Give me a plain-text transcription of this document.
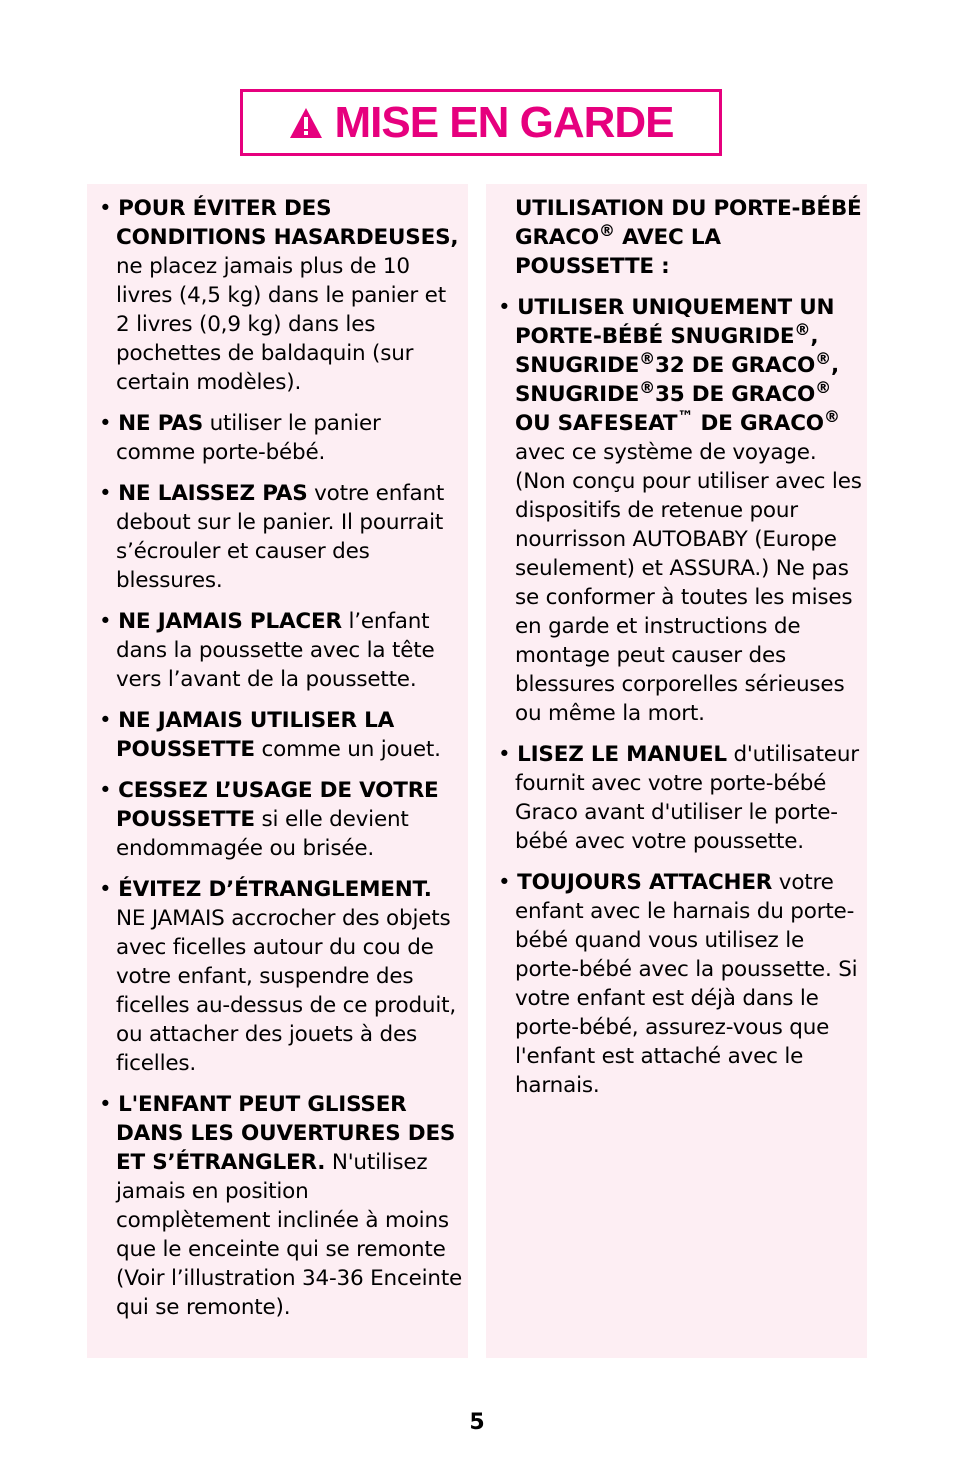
MISE EN GARDE
• POUR ÉVITER DES CONDITIONS HASARDEUSES, ne placez jamais plus de 10 livres (4,5 kg) dans le panier et 2 livres (0,9 kg) dans les pochettes de baldaquin (sur certain modèles).
• NE PAS utiliser le panier comme porte-bébé.
• NE LAISSEZ PAS votre enfant debout sur le panier. Il pourrait s’écrouler et causer des blessures.
• NE JAMAIS PLACER l’enfant dans la poussette avec la tête vers l’avant de la poussette.
• NE JAMAIS UTILISER LA POUSSETTE comme un jouet.
• CESSEZ L’USAGE DE VOTRE POUSSETTE si elle devient endommagée ou brisée.
• ÉVITEZ D’ÉTRANGLEMENT. NE JAMAIS accrocher des objets avec ficelles autour du cou de votre enfant, suspendre des ficelles au-dessus de ce produit, ou attacher des jouets à des ficelles.
• L'ENFANT PEUT GLISSER DANS LES OUVERTURES DES ET S’ÉTRANGLER. N'utilisez jamais en position complètement inclinée à moins que le enceinte qui se remonte (Voir l’illustration 34-36 Enceinte qui se remonte).
UTILISATION DU PORTE-BÉBÉ GRACO® AVEC LA POUSSETTE :
• UTILISER UNIQUEMENT UN PORTE-BÉBÉ SNUGRIDE®, SNUGRIDE®32 DE GRACO®, SNUGRIDE®35 DE GRACO® OU SAFESEAT™ DE GRACO® avec ce système de voyage. (Non conçu pour utiliser avec les dispositifs de retenue pour nourrisson AUTOBABY (Europe seulement) et ASSURA.) Ne pas se conformer à toutes les mises en garde et instructions de montage peut causer des blessures corporelles sérieuses ou même la mort.
• LISEZ LE MANUEL d'utilisateur fournit avec votre porte-bébé Graco avant d'utiliser le porte-bébé avec votre poussette.
• TOUJOURS ATTACHER votre enfant avec le harnais du porte-bébé quand vous utilisez le porte-bébé avec la poussette. Si votre enfant est déjà dans le porte-bébé, assurez-vous que l'enfant est attaché avec le harnais.
5
